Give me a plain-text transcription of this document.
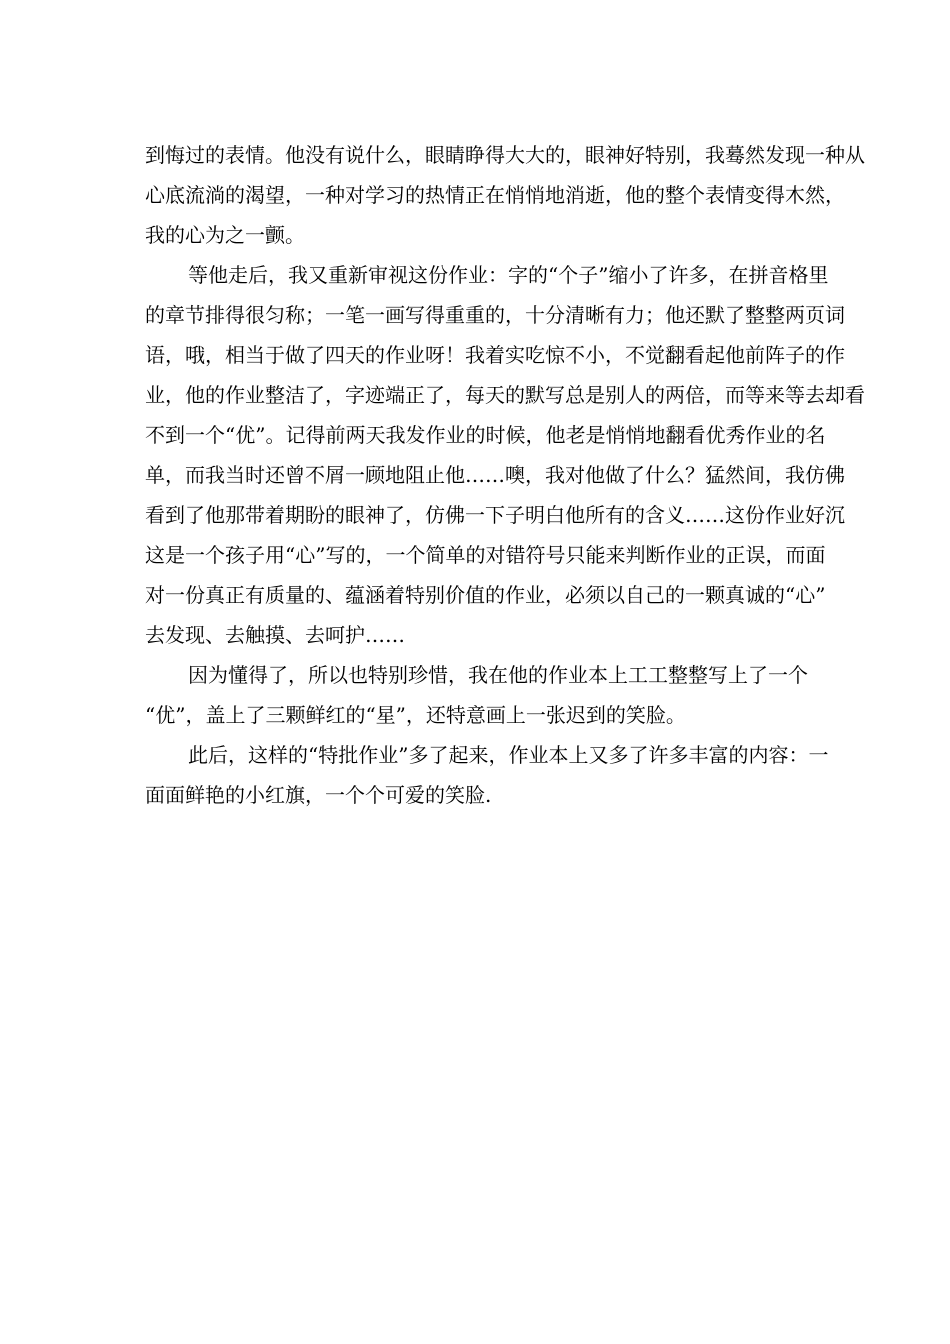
到悔过的表情。他没有说什么，眼睛睁得大大的，眼神好特别，我蓦然发现一种从
心底流淌的渴望，一种对学习的热情正在悄悄地消逝，他的整个表情变得木然，
我的心为之一颤。
等他走后，我又重新审视这份作业：字的“个子”缩小了许多，在拼音格里
的章节排得很匀称；一笔一画写得重重的，十分清晰有力；他还默了整整两页词
语，哦，相当于做了四天的作业呀！我着实吃惊不小，不觉翻看起他前阵子的作
业，他的作业整洁了，字迹端正了，每天的默写总是别人的两倍，而等来等去却看
不到一个“优”。记得前两天我发作业的时候，他老是悄悄地翻看优秀作业的名
单，而我当时还曾不屑一顾地阻止他……噢，我对他做了什么？猛然间，我仿佛
看到了他那带着期盼的眼神了，仿佛一下子明白他所有的含义……这份作业好沉
这是一个孩子用“心”写的，一个简单的对错符号只能来判断作业的正误，而面
对一份真正有质量的、蕴涵着特别价值的作业，必须以自己的一颗真诚的“心”
去发现、去触摸、去呵护……
因为懂得了，所以也特别珍惜，我在他的作业本上工工整整写上了一个
“优”，盖上了三颗鲜红的“星”，还特意画上一张迟到的笑脸。
此后，这样的“特批作业”多了起来，作业本上又多了许多丰富的内容：一
面面鲜艳的小红旗，一个个可爱的笑脸.
